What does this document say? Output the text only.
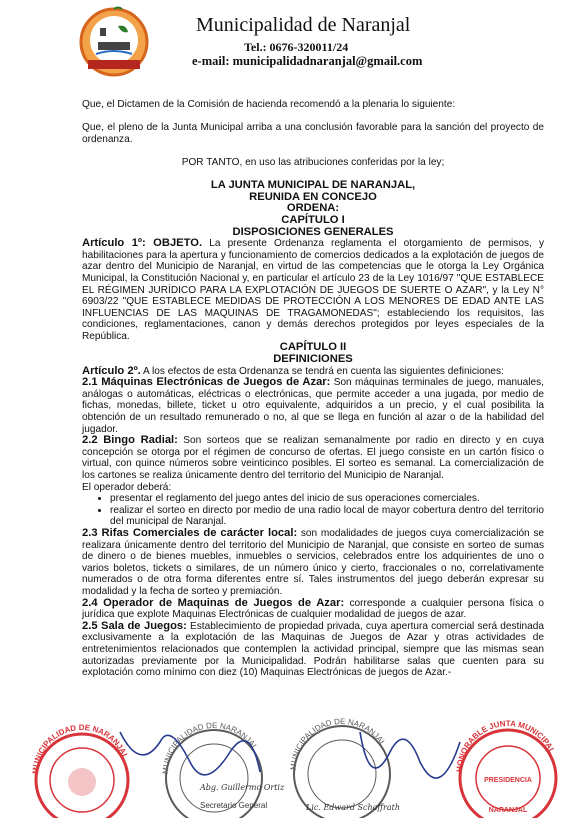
Municipalidad de Naranjal
Tel.: 0676-320011/24
e-mail: municipalidadnaranjal@gmail.com

Que, el Dictamen de la Comisión de hacienda recomendó a la plenaria lo siguiente:

Que, el pleno de la Junta Municipal arriba a una conclusión favorable para la sanción del proyecto de ordenanza.

POR TANTO, en uso las atribuciones conferidas por la ley;

LA JUNTA MUNICIPAL DE NARANJAL,

REUNIDA EN CONCEJO

ORDENA:

CAPÍTULO I

DISPOSICIONES GENERALES

Artículo 1º: OBJETO. La presente Ordenanza reglamenta el otorgamiento de permisos, y habilitaciones para la apertura y funcionamiento de comercios dedicados a la explotación de juegos de azar dentro del Municipio de Naranjal, en virtud de las competencias que le otorga la Ley Orgánica Municipal, la Constitución Nacional y, en particular el artículo 23 de la Ley 1016/97 "QUE ESTABLECE EL RÉGIMEN JURÍDICO PARA LA EXPLOTACIÓN DE JUEGOS DE SUERTE O AZAR", y la Ley N° 6903/22 "QUE ESTABLECE MEDIDAS DE PROTECCIÓN A LOS MENORES DE EDAD ANTE LAS INFLUENCIAS DE LAS MAQUINAS DE TRAGAMONEDAS"; estableciendo los requisitos, las condiciones, reglamentaciones, canon y demás derechos protegidos por leyes especiales de la República.

CAPÍTULO II

DEFINICIONES

Artículo 2º. A los efectos de esta Ordenanza se tendrá en cuenta las siguientes definiciones:

2.1 Máquinas Electrónicas de Juegos de Azar: Son máquinas terminales de juego, manuales, análogas o automáticas, eléctricas o electrónicas, que permite acceder a una jugada, por medio de fichas, monedas, billete, ticket u otro equivalente, adquiridos a un precio, y el cual posibilita la obtención de un resultado remunerado o no, al que se llega en función al azar o de la habilidad del jugador.

2.2 Bingo Radial: Son sorteos que se realizan semanalmente por radio en directo y en cuya concepción se otorga por el régimen de concurso de ofertas. El juego consiste en un cartón físico o virtual, con quince números sobre veinticinco posibles. El sorteo es semanal. La comercialización de los cartones se realiza únicamente dentro del territorio del Municipio de Naranjal.

El operador deberá:

• presentar el reglamento del juego antes del inicio de sus operaciones comerciales.
• realizar el sorteo en directo por medio de una radio local de mayor cobertura dentro del territorio del municipal de Naranjal.

2.3 Rifas Comerciales de carácter local: son modalidades de juegos cuya comercialización se realizara únicamente dentro del territorio del Municipio de Naranjal, que consiste en sorteo de sumas de dinero o de bienes muebles, inmuebles o servicios, celebrados entre los adquirientes de uno o varios boletos, tickets o similares, de un número único y cierto, fraccionales o no, correlativamente numerados o de otra forma diferentes entre sí. Tales instrumentos del juego deberán expresar su modalidad y la fecha de sorteo y premiación.

2.4 Operador de Maquinas de Juegos de Azar: corresponde a cualquier persona física o jurídica que explote Maquinas Electrónicas de cualquier modalidad de juegos de azar.

2.5 Sala de Juegos: Establecimiento de propiedad privada, cuya apertura comercial será destinada exclusivamente a la explotación de las Maquinas de Juegos de Azar y otras actividades de entretenimientos relacionados que contemplen la actividad principal, siempre que las mismas sean autorizadas previamente por la Municipalidad. Podrán habilitarse salas que cuenten para su explotación como mínimo con diez (10) Maquinas Electrónicas de juegos de Azar.-

MUNICIPALIDAD DE NARANJAL
MUNICIPALIDAD DE NARANJAL
MUNICIPALIDAD DE NARANJAL
HONORABLE JUNTA MUNICIPAL
PRESIDENCIA
NARANJAL
Abg. Guillermo Ortiz
Secretario General	Lic. Edward Schaffrath
